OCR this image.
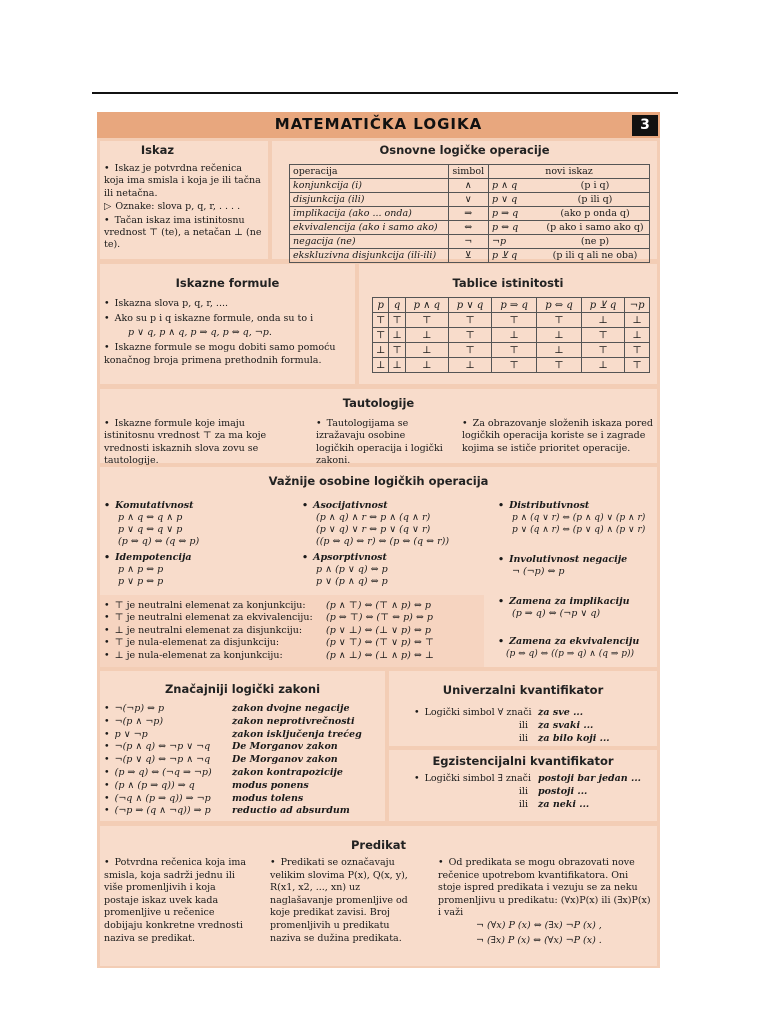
MATEMATIČKA LOGIKA	3
Iskaz

• Iskaz je potvrdna rečenica koja ima smisla i koja je ili tačna ili netačna.

▷ Oznake: slova p, q, r, . . . .

• Tačan iskaz ima istinitosnu vrednost ⊤ (te), a netačan ⊥ (ne te).

Osnovne logičke operacije
operacija	simbol	novi iskaz	
konjunkcija (i)	∧	p ∧ q	(p i q)
disjunkcija (ili)	∨	p ∨ q	(p ili q)
implikacija (ako ... onda)	⇒	p ⇒ q	(ako p onda q)
ekvivalencija (ako i samo ako)	⇔	p ⇔ q	(p ako i samo ako q)
negacija (ne)	¬	¬p	(ne p)
ekskluzivna disjunkcija (ili-ili)	⊻	p ⊻ q	(p ili q ali ne oba)
Iskazne formule

• Iskazna slova p, q, r, ....

• Ako su p i q iskazne formule, onda su to i

p ∨ q, p ∧ q, p ⇒ q, p ⇔ q, ¬p.

• Iskazne formule se mogu dobiti samo pomoću konačnog broja primena prethodnih formula.

Tablice istinitosti
p	q	p ∧ q	p ∨ q	p ⇒ q	p ⇔ q	p ⊻ q	¬p
⊤	⊤	⊤	⊤	⊤	⊤	⊥	⊥
⊤	⊥	⊥	⊤	⊥	⊥	⊤	⊥
⊥	⊤	⊥	⊤	⊤	⊥	⊤	⊤
⊥	⊥	⊥	⊥	⊤	⊤	⊥	⊤
Tautologije
• Iskazne formule koje imaju istinitosnu vrednost ⊤ za ma koje vrednosti iskaznih slova zovu se tautologije.
• Tautologijama se izražavaju osobine logičkih operacija i logički zakoni.
• Za obrazovanje složenih iskaza pored logičkih operacija koriste se i zagrade kojima se ističe prioritet operacije.
Važnije osobine logičkih operacija

• Komutativnost

p ∧ q ⇔ q ∧ p

p ∨ q ⇔ q ∨ p

(p ⇔ q) ⇔ (q ⇔ p)

• Asocijativnost

(p ∧ q) ∧ r ⇔ p ∧ (q ∧ r)

(p ∨ q) ∨ r ⇔ p ∨ (q ∨ r)

((p ⇔ q) ⇔ r) ⇔ (p ⇔ (q ⇔ r))

• Distributivnost

p ∧ (q ∨ r) ⇔ (p ∧ q) ∨ (p ∧ r)

p ∨ (q ∧ r) ⇔ (p ∨ q) ∧ (p ∨ r)

• Idempotencija

p ∧ p ⇔ p

p ∨ p ⇔ p

• Apsorptivnost

p ∧ (p ∨ q) ⇔ p

p ∨ (p ∧ q) ⇔ p

• Involutivnost negacije

¬ (¬p) ⇔ p

• ⊤ je neutralni elemenat za konjunkciju:	(p ∧ ⊤) ⇔ (⊤ ∧ p) ⇔ p
• ⊤ je neutralni elemenat za ekvivalenciju:	(p ⇔ ⊤) ⇔ (⊤ ⇔ p) ⇔ p
• ⊥ je neutralni elemenat za disjunkciju:	(p ∨ ⊥) ⇔ (⊥ ∨ p) ⇔ p
• ⊤ je nula-elemenat za disjunkciju:	(p ∨ ⊤) ⇔ (⊤ ∨ p) ⇔ ⊤
• ⊥ je nula-elemenat za konjunkciju:	(p ∧ ⊥) ⇔ (⊥ ∧ p) ⇔ ⊥

• Zamena za implikaciju

(p ⇒ q) ⇔ (¬p ∨ q)

• Zamena za ekvivalenciju

(p ⇔ q) ⇔ ((p ⇒ q) ∧ (q ⇒ p))

Značajniji logički zakoni
• ¬(¬p) ⇔ p	zakon dvojne negacije
• ¬(p ∧ ¬p)	zakon neprotivrečnosti
• p ∨ ¬p	zakon isključenja trećeg
• ¬(p ∧ q) ⇔ ¬p ∨ ¬q	De Morganov zakon
• ¬(p ∨ q) ⇔ ¬p ∧ ¬q	De Morganov zakon
• (p ⇒ q) ⇔ (¬q ⇒ ¬p)	zakon kontrapozicije
• (p ∧ (p ⇒ q)) ⇒ q	modus ponens
• (¬q ∧ (p ⇒ q)) ⇒ ¬p	modus tolens
• (¬p ⇒ (q ∧ ¬q)) ⇒ p	reductio ad absurdum
Univerzalni kvantifikator
• Logički simbol ∀ znači za sve ...
ili	za svaki ...
ili	za bilo koji ...
Egzistencijalni kvantifikator
• Logički simbol ∃ znači postoji bar jedan ...
ili	postoji ...
ili	za neki ...
Predikat
• Potvrdna rečenica koja ima smisla, koja sadrži jednu ili više promenljivih i koja postaje iskaz uvek kada promenljive u rečenice dobijaju konkretne vrednosti naziva se predikat.
• Predikati se označavaju velikim slovima P(x), Q(x, y), R(x1, x2, ..., xn) uz naglašavanje promenljive od koje predikat zavisi. Broj promenljivih u predikatu naziva se dužina predikata.
• Od predikata se mogu obrazovati nove rečenice upotrebom kvantifikatora. Oni stoje ispred predikata i vezuju se za neku promenljivu u predikatu: (∀x)P(x) ili (∃x)P(x) i važi
¬ (∀x) P (x) ⇔ (∃x) ¬P (x) ,
¬ (∃x) P (x) ⇔ (∀x) ¬P (x) .
